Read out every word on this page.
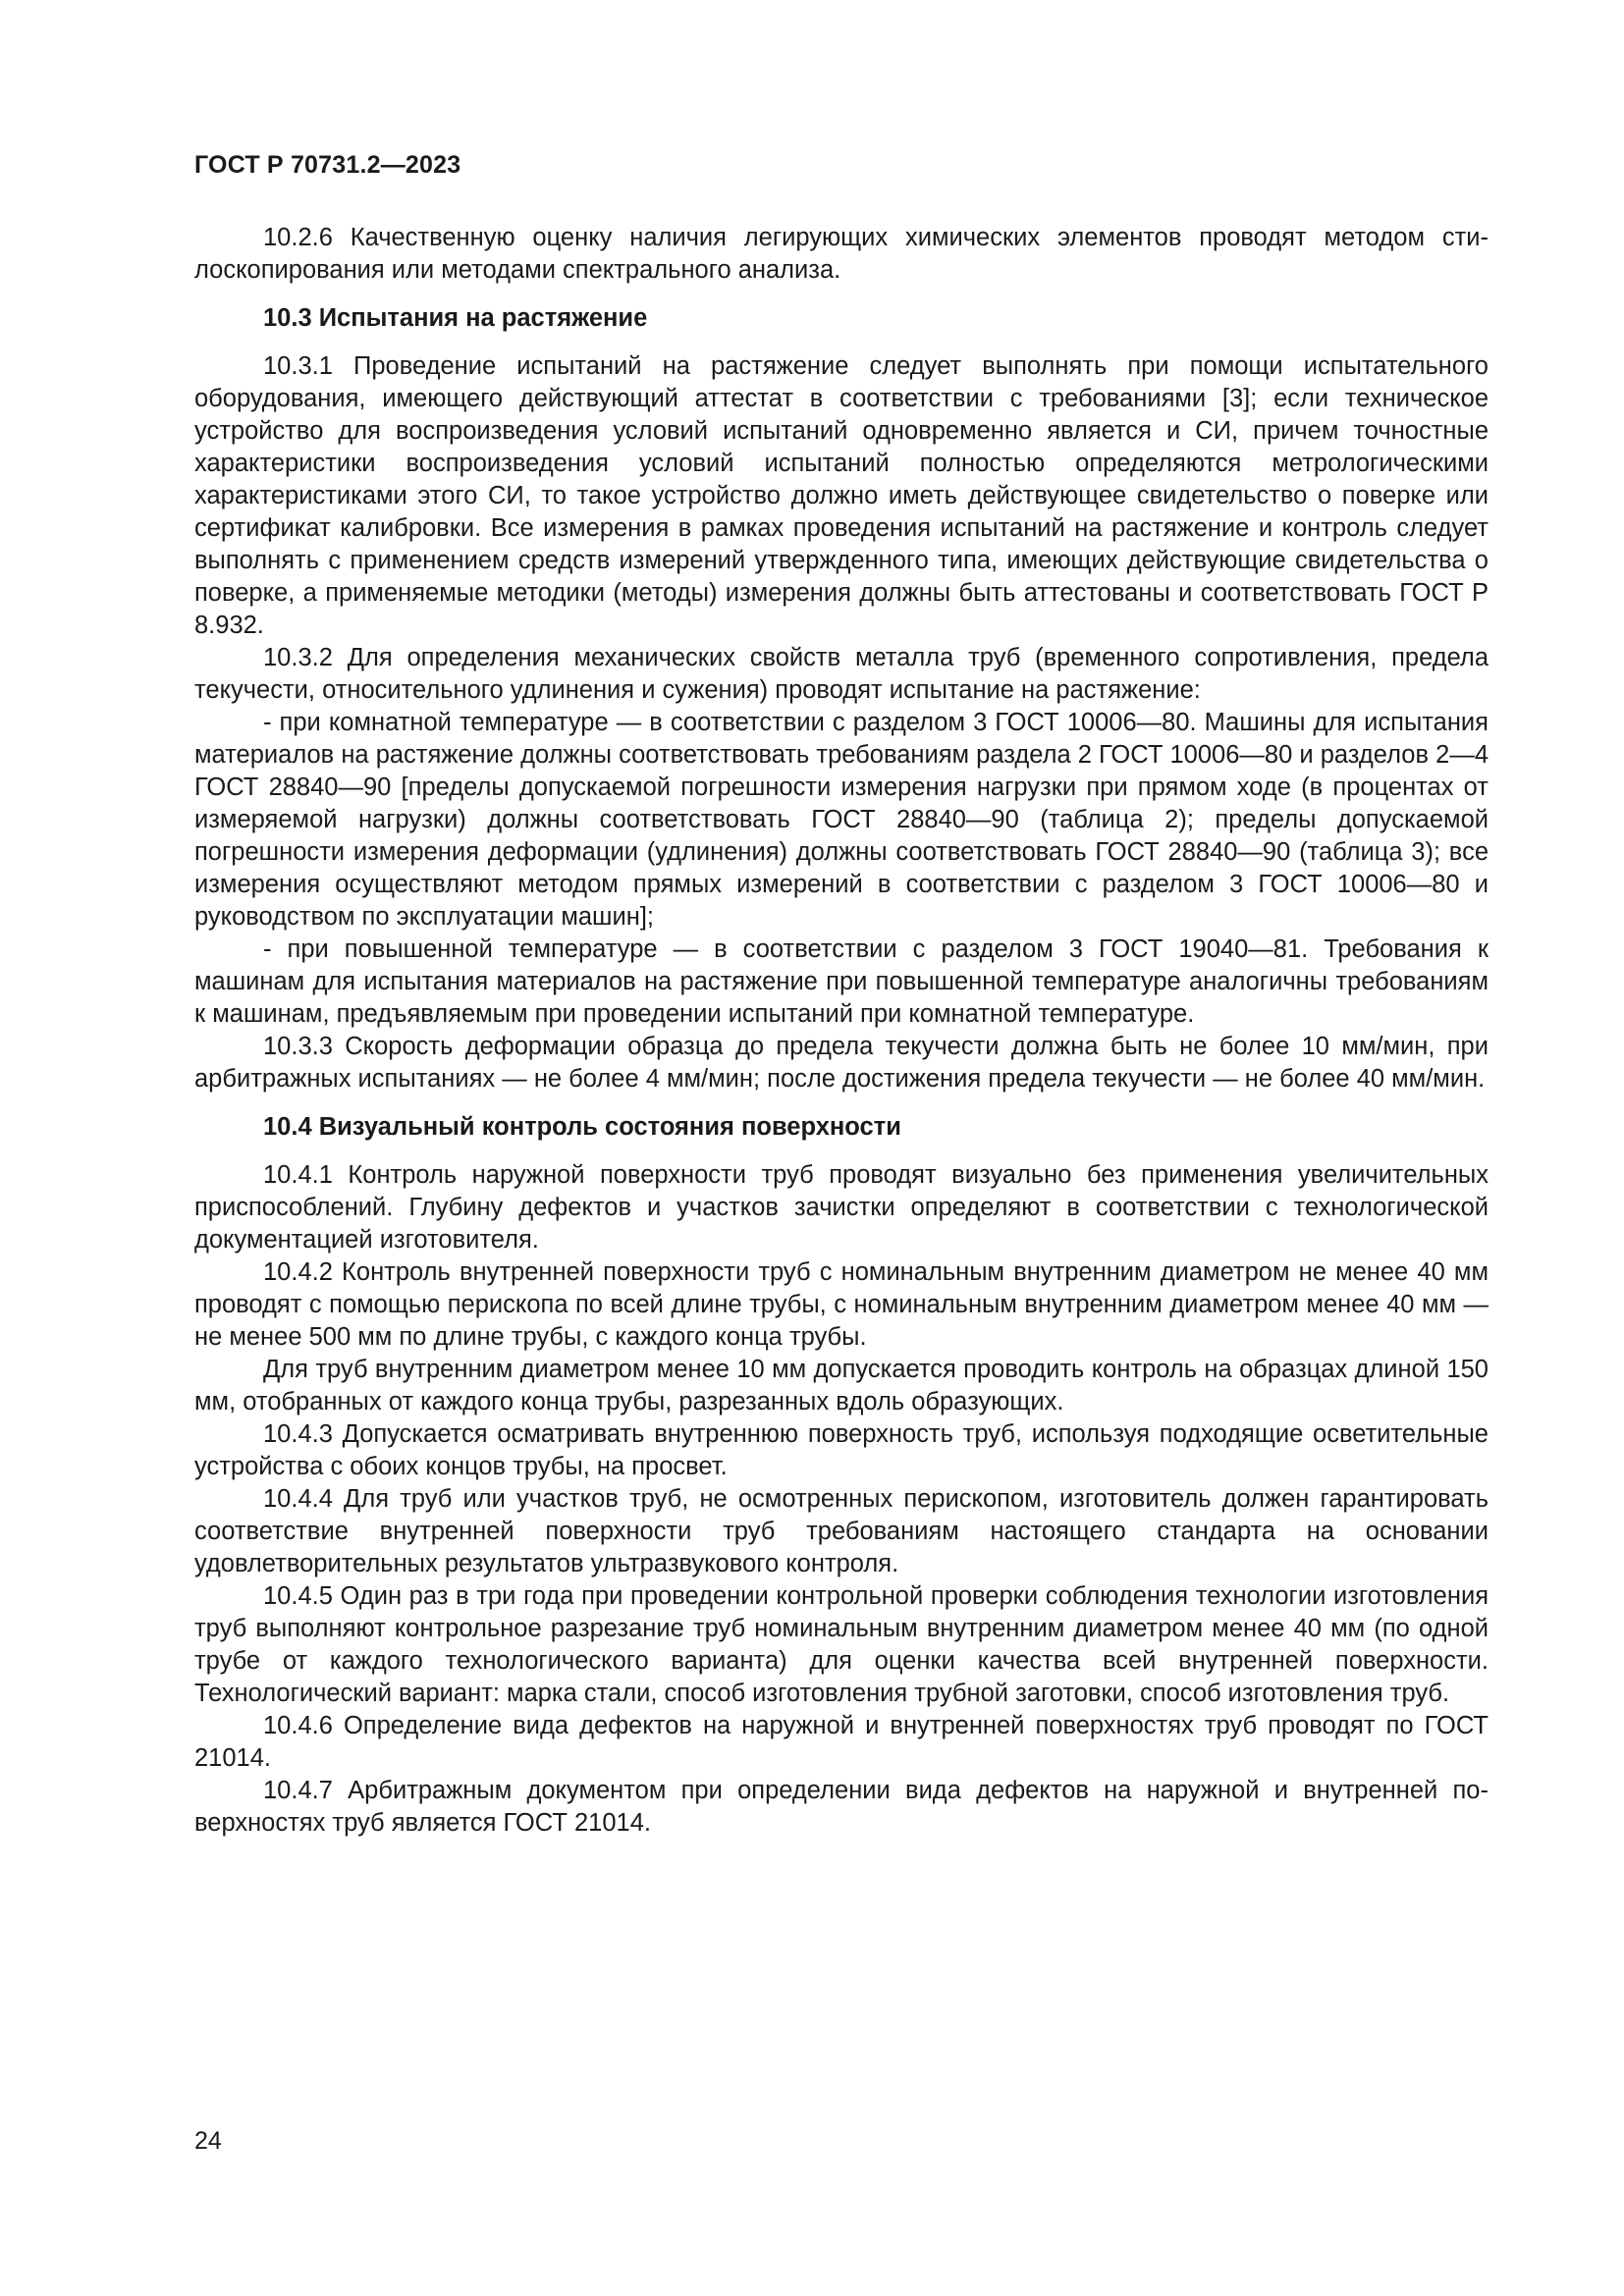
ГОСТ Р 70731.2—2023

10.2.6 Качественную оценку наличия легирующих химических элементов проводят методом стилоскопирования или методами спектрального анализа.

10.3 Испытания на растяжение

10.3.1 Проведение испытаний на растяжение следует выполнять при помощи испытательного оборудования, имеющего действующий аттестат в соответствии с требованиями [3]; если техническое устройство для воспроизведения условий испытаний одновременно является и СИ, причем точностные характеристики воспроизведения условий испытаний полностью определяются метрологическими характеристиками этого СИ, то такое устройство должно иметь действующее свидетельство о поверке или сертификат калибровки. Все измерения в рамках проведения испытаний на растяжение и контроль следует выполнять с применением средств измерений утвержденного типа, имеющих действующие свидетельства о поверке, а применяемые методики (методы) измерения должны быть аттестованы и соответствовать ГОСТ Р 8.932.

10.3.2 Для определения механических свойств металла труб (временного сопротивления, предела текучести, относительного удлинения и сужения) проводят испытание на растяжение:

- при комнатной температуре — в соответствии с разделом 3 ГОСТ 10006—80. Машины для испытания материалов на растяжение должны соответствовать требованиям раздела 2 ГОСТ 10006—80 и разделов 2—4 ГОСТ 28840—90 [пределы допускаемой погрешности измерения нагрузки при прямом ходе (в процентах от измеряемой нагрузки) должны соответствовать ГОСТ 28840—90 (таблица 2); пределы допускаемой погрешности измерения деформации (удлинения) должны соответствовать ГОСТ 28840—90 (таблица 3); все измерения осуществляют методом прямых измерений в соответствии с разделом 3 ГОСТ 10006—80 и руководством по эксплуатации машин];

- при повышенной температуре — в соответствии с разделом 3 ГОСТ 19040—81. Требования к машинам для испытания материалов на растяжение при повышенной температуре аналогичны требованиям к машинам, предъявляемым при проведении испытаний при комнатной температуре.

10.3.3 Скорость деформации образца до предела текучести должна быть не более 10 мм/мин, при арбитражных испытаниях — не более 4 мм/мин; после достижения предела текучести — не более 40 мм/мин.

10.4 Визуальный контроль состояния поверхности

10.4.1 Контроль наружной поверхности труб проводят визуально без применения увеличительных приспособлений. Глубину дефектов и участков зачистки определяют в соответствии с технологической документацией изготовителя.

10.4.2 Контроль внутренней поверхности труб с номинальным внутренним диаметром не менее 40 мм проводят с помощью перископа по всей длине трубы, с номинальным внутренним диаметром менее 40 мм — не менее 500 мм по длине трубы, с каждого конца трубы.

Для труб внутренним диаметром менее 10 мм допускается проводить контроль на образцах длиной 150 мм, отобранных от каждого конца трубы, разрезанных вдоль образующих.

10.4.3 Допускается осматривать внутреннюю поверхность труб, используя подходящие осветительные устройства с обоих концов трубы, на просвет.

10.4.4 Для труб или участков труб, не осмотренных перископом, изготовитель должен гарантировать соответствие внутренней поверхности труб требованиям настоящего стандарта на основании удовлетворительных результатов ультразвукового контроля.

10.4.5 Один раз в три года при проведении контрольной проверки соблюдения технологии изготовления труб выполняют контрольное разрезание труб номинальным внутренним диаметром менее 40 мм (по одной трубе от каждого технологического варианта) для оценки качества всей внутренней поверхности. Технологический вариант: марка стали, способ изготовления трубной заготовки, способ изготовления труб.

10.4.6 Определение вида дефектов на наружной и внутренней поверхностях труб проводят по ГОСТ 21014.

10.4.7 Арбитражным документом при определении вида дефектов на наружной и внутренней поверхностях труб является ГОСТ 21014.

24
